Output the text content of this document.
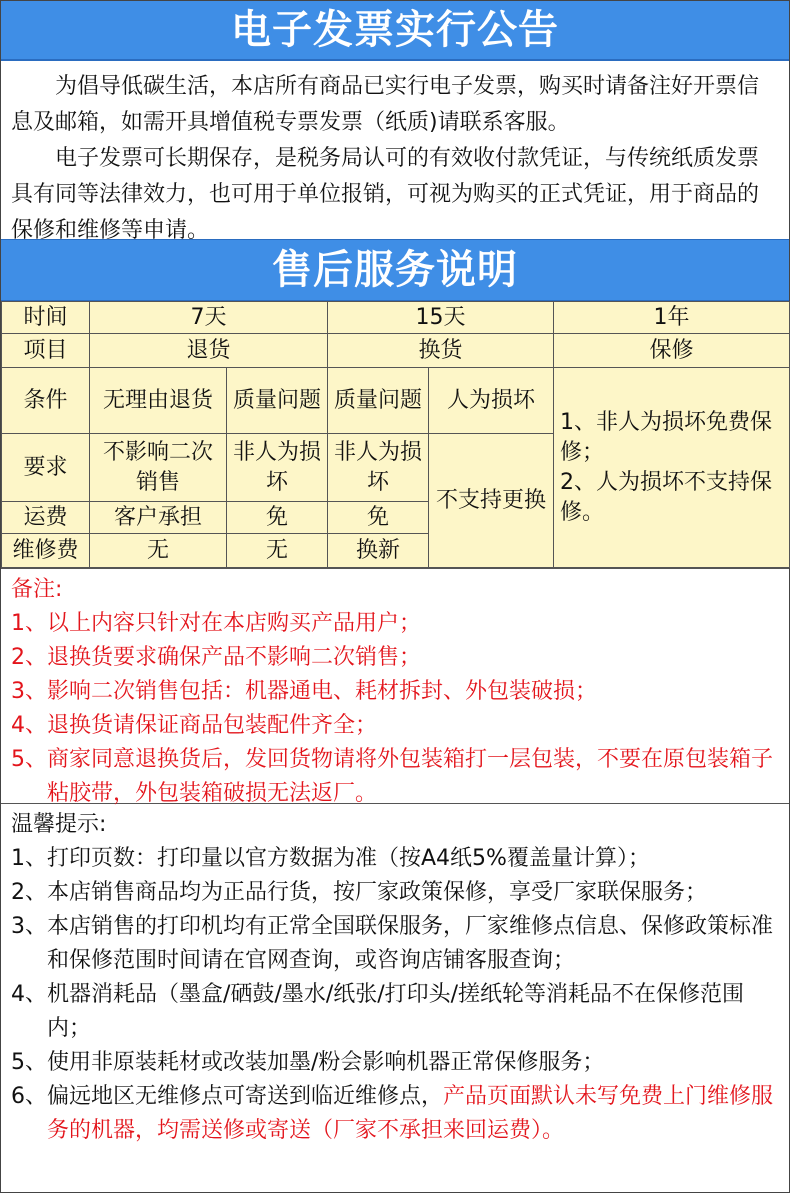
电子发票实行公告

为倡导低碳生活，本店所有商品已实行电子发票，购买时请备注好开票信息及邮箱，如需开具增值税专票发票（纸质)请联系客服。

电子发票可长期保存，是税务局认可的有效收付款凭证，与传统纸质发票具有同等法律效力，也可用于单位报销，可视为购买的正式凭证，用于商品的保修和维修等申请。

售后服务说明
时间	7天		15天		1年
项目	退货		换货		保修
条件	无理由退货	质量问题	质量问题	人为损坏	1、非人为损坏免费保修；
2、人为损坏不支持保修。

要求	不影响二次销售	非人为损坏	非人为损坏	不支持更换	
运费	客户承担	免	免		
维修费	无	无	换新		
备注:
1、以上内容只针对在本店购买产品用户；
2、退换货要求确保产品不影响二次销售；
3、影响二次销售包括：机器通电、耗材拆封、外包装破损；
4、退换货请保证商品包装配件齐全；
5、商家同意退换货后，发回货物请将外包装箱打一层包装，不要在原包装箱子粘胶带，外包装箱破损无法返厂。
温馨提示:
1、打印页数：打印量以官方数据为准（按A4纸5%覆盖量计算）；
2、本店销售商品均为正品行货，按厂家政策保修，享受厂家联保服务；
3、本店销售的打印机均有正常全国联保服务，厂家维修点信息、保修政策标准和保修范围时间请在官网查询，或咨询店铺客服查询；
4、机器消耗品（墨盒/硒鼓/墨水/纸张/打印头/搓纸轮等消耗品不在保修范围内；
5、使用非原装耗材或改装加墨/粉会影响机器正常保修服务；
6、偏远地区无维修点可寄送到临近维修点，产品页面默认未写免费上门维修服务的机器，均需送修或寄送（厂家不承担来回运费）。
